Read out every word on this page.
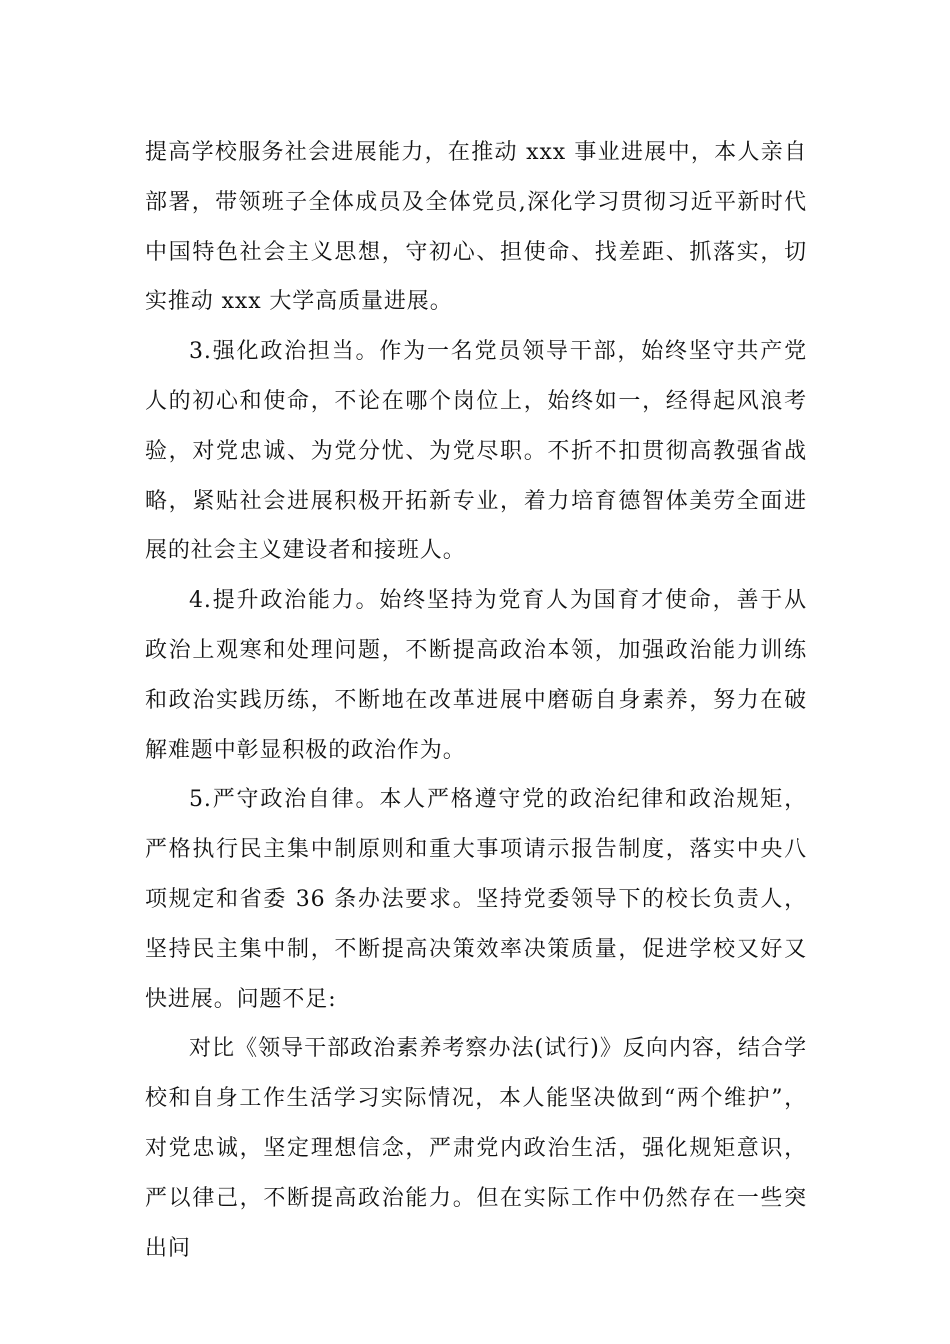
提高学校服务社会进展能力，在推动 xxx 事业进展中，本人亲自部署，带领班子全体成员及全体党员,深化学习贯彻习近平新时代中国特色社会主义思想，守初心、担使命、找差距、抓落实，切实推动 xxx 大学高质量进展。

3.强化政治担当。作为一名党员领导干部，始终坚守共产党人的初心和使命，不论在哪个岗位上，始终如一，经得起风浪考验，对党忠诚、为党分忧、为党尽职。不折不扣贯彻高教强省战略，紧贴社会进展积极开拓新专业，着力培育德智体美劳全面进展的社会主义建设者和接班人。

4.提升政治能力。始终坚持为党育人为国育才使命，善于从政治上观寒和处理问题，不断提高政治本领，加强政治能力训练和政治实践历练，不断地在改革进展中磨砺自身素养，努力在破解难题中彰显积极的政治作为。

5.严守政治自律。本人严格遵守党的政治纪律和政治规矩，严格执行民主集中制原则和重大事项请示报告制度，落实中央八项规定和省委 36 条办法要求。坚持党委领导下的校长负责人，坚持民主集中制，不断提高决策效率决策质量，促进学校又好又快进展。问题不足:

对比《领导干部政治素养考察办法(试行)》反向内容，结合学校和自身工作生活学习实际情况，本人能坚决做到“两个维护”，对党忠诚，坚定理想信念，严肃党内政治生活，强化规矩意识，严以律己，不断提高政治能力。但在实际工作中仍然存在一些突出问
